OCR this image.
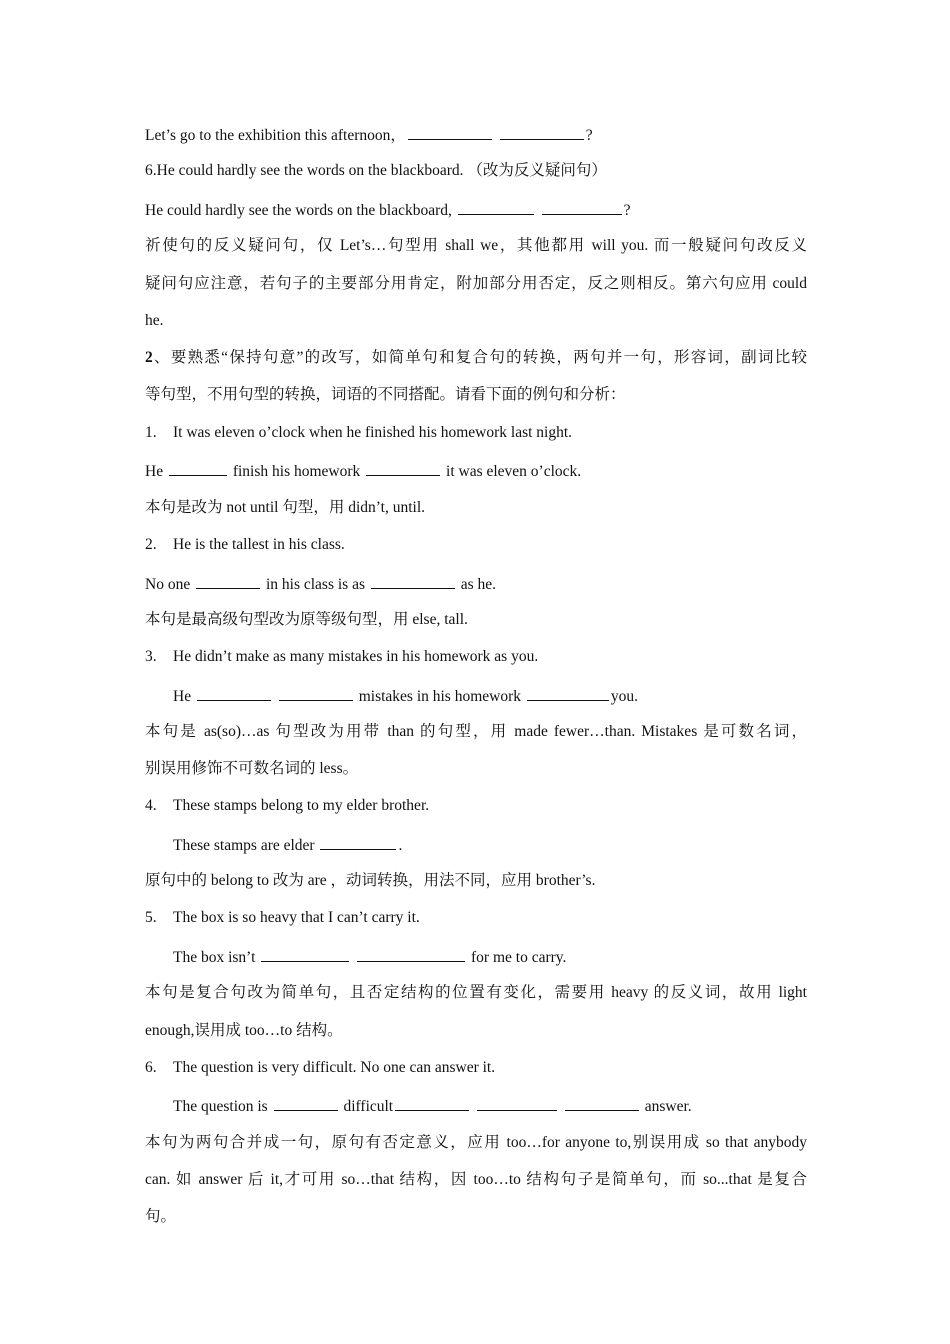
Let’s go to the exhibition this afternoon，	?
6.He could hardly see the words on the blackboard. （改为反义疑问句）
He could hardly see the words on the blackboard,	?
祈使句的反义疑问句，仅 Let’s…句型用 shall we，其他都用 will you. 而一般疑问句改反义
疑问句应注意，若句子的主要部分用肯定，附加部分用否定，反之则相反。第六句应用 could
he.
2、要熟悉“保持句意”的改写，如简单句和复合句的转换，两句并一句，形容词，副词比较
等句型，不用句型的转换，词语的不同搭配。请看下面的例句和分析：
1. It was eleven o’clock when he finished his homework last night.
He	finish his homework	it was eleven o’clock.
本句是改为 not until 句型，用 didn’t, until.
2. He is the tallest in his class.
No one	in his class is as	as he.
本句是最高级句型改为原等级句型，用 else, tall.
3. He didn’t make as many mistakes in his homework as you.
He	mistakes in his homework	you.
本句是 as(so)…as 句型改为用带 than 的句型，用 made fewer…than. Mistakes 是可数名词，
别误用修饰不可数名词的 less。
4. These stamps belong to my elder brother.
These stamps are elder	.
原句中的 belong to 改为 are ，动词转换，用法不同，应用 brother’s.
5. The box is so heavy that I can’t carry it.
The box isn’t	for me to carry.
本句是复合句改为简单句，且否定结构的位置有变化，需要用 heavy 的反义词，故用 light
enough,误用成 too…to 结构。
6. The question is very difficult. No one can answer it.
The question is	difficult	answer.
本句为两句合并成一句，原句有否定意义，应用 too…for anyone to,别误用成 so that anybody
can. 如 answer 后 it,才可用 so…that 结构，因 too…to 结构句子是简单句，而 so...that 是复合
句。
